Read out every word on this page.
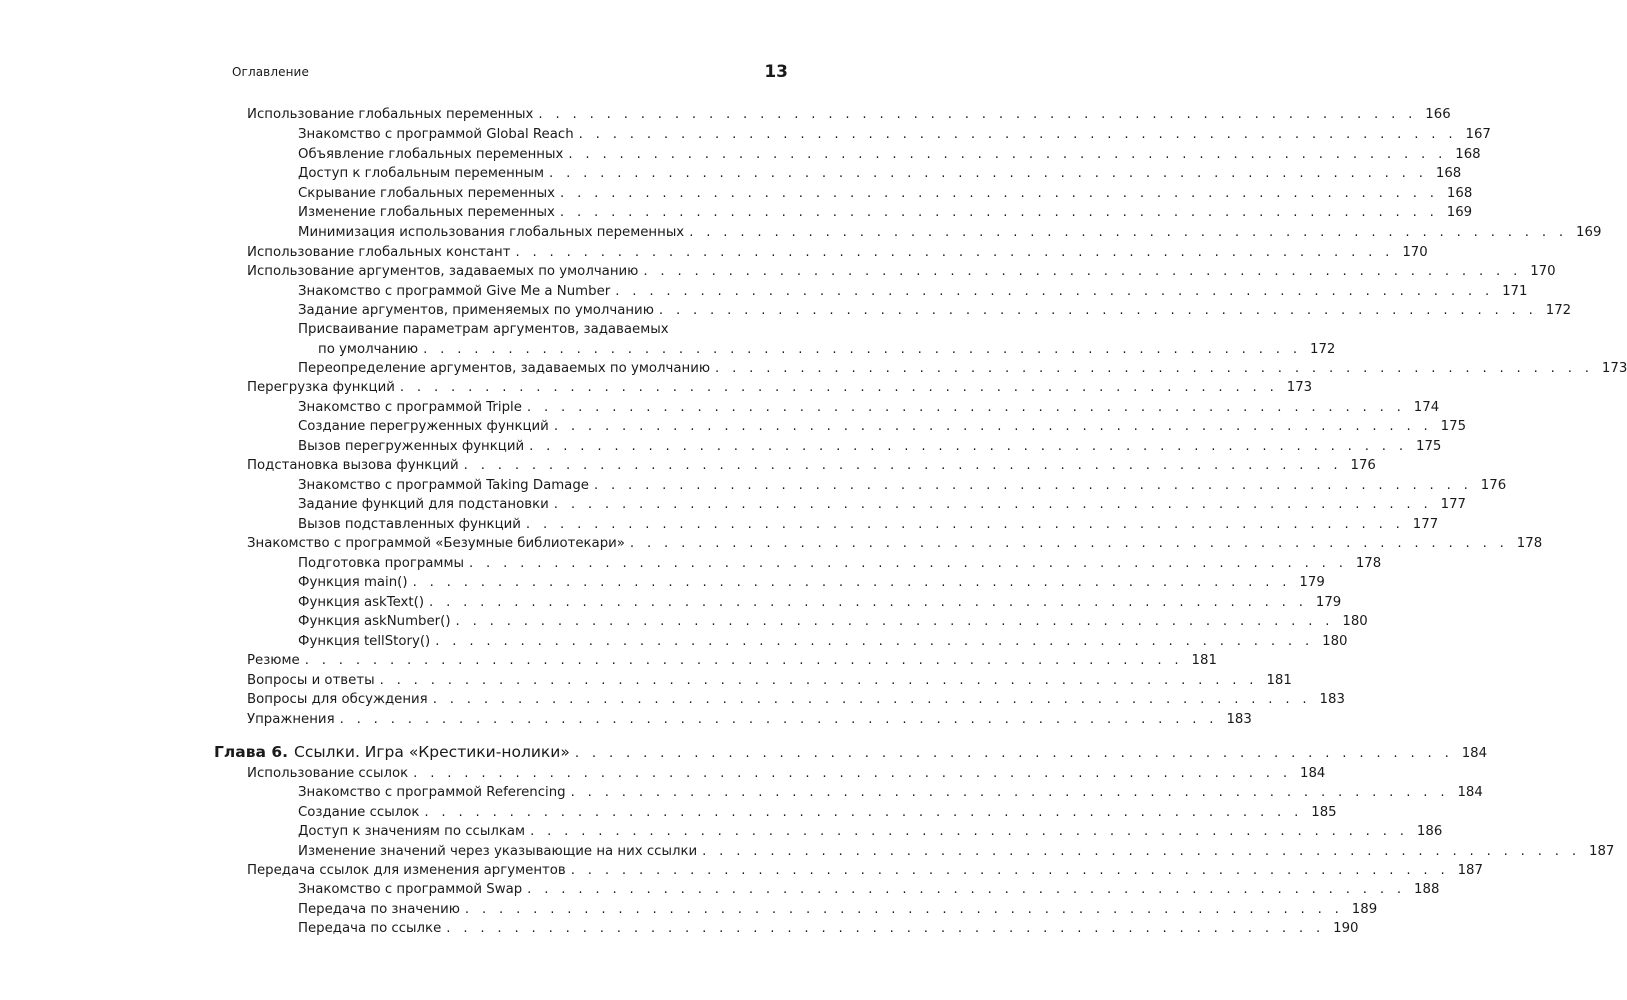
Оглавление	13
Использование глобальных переменных . . . . . . . . . . . . . . . . . . . . . . . . . . . . . . . . . . . . . . . . . . . . . . . . . . . . 166
Знакомство с программой Global Reach . . . . . . . . . . . . . . . . . . . . . . . . . . . . . . . . . . . . . . . . . . . . . . . . . . . . 167
Объявление глобальных переменных . . . . . . . . . . . . . . . . . . . . . . . . . . . . . . . . . . . . . . . . . . . . . . . . . . . . 168
Доступ к глобальным переменным . . . . . . . . . . . . . . . . . . . . . . . . . . . . . . . . . . . . . . . . . . . . . . . . . . . . 168
Скрывание глобальных переменных . . . . . . . . . . . . . . . . . . . . . . . . . . . . . . . . . . . . . . . . . . . . . . . . . . . . 168
Изменение глобальных переменных . . . . . . . . . . . . . . . . . . . . . . . . . . . . . . . . . . . . . . . . . . . . . . . . . . . . 169
Минимизация использования глобальных переменных . . . . . . . . . . . . . . . . . . . . . . . . . . . . . . . . . . . . . . . . . . . . . . . . . . . . 169
Использование глобальных констант . . . . . . . . . . . . . . . . . . . . . . . . . . . . . . . . . . . . . . . . . . . . . . . . . . . . 170
Использование аргументов, задаваемых по умолчанию . . . . . . . . . . . . . . . . . . . . . . . . . . . . . . . . . . . . . . . . . . . . . . . . . . . . 170
Знакомство с программой Give Me a Number . . . . . . . . . . . . . . . . . . . . . . . . . . . . . . . . . . . . . . . . . . . . . . . . . . . . 171
Задание аргументов, применяемых по умолчанию . . . . . . . . . . . . . . . . . . . . . . . . . . . . . . . . . . . . . . . . . . . . . . . . . . . . 172
Присваивание параметрам аргументов, задаваемых
по умолчанию . . . . . . . . . . . . . . . . . . . . . . . . . . . . . . . . . . . . . . . . . . . . . . . . . . . . 172
Переопределение аргументов, задаваемых по умолчанию . . . . . . . . . . . . . . . . . . . . . . . . . . . . . . . . . . . . . . . . . . . . . . . . . . . . 173
Перегрузка функций . . . . . . . . . . . . . . . . . . . . . . . . . . . . . . . . . . . . . . . . . . . . . . . . . . . . 173
Знакомство с программой Triple . . . . . . . . . . . . . . . . . . . . . . . . . . . . . . . . . . . . . . . . . . . . . . . . . . . . 174
Создание перегруженных функций . . . . . . . . . . . . . . . . . . . . . . . . . . . . . . . . . . . . . . . . . . . . . . . . . . . . 175
Вызов перегруженных функций . . . . . . . . . . . . . . . . . . . . . . . . . . . . . . . . . . . . . . . . . . . . . . . . . . . . 175
Подстановка вызова функций . . . . . . . . . . . . . . . . . . . . . . . . . . . . . . . . . . . . . . . . . . . . . . . . . . . . 176
Знакомство с программой Taking Damage . . . . . . . . . . . . . . . . . . . . . . . . . . . . . . . . . . . . . . . . . . . . . . . . . . . . 176
Задание функций для подстановки . . . . . . . . . . . . . . . . . . . . . . . . . . . . . . . . . . . . . . . . . . . . . . . . . . . . 177
Вызов подставленных функций . . . . . . . . . . . . . . . . . . . . . . . . . . . . . . . . . . . . . . . . . . . . . . . . . . . . 177
Знакомство с программой «Безумные библиотекари» . . . . . . . . . . . . . . . . . . . . . . . . . . . . . . . . . . . . . . . . . . . . . . . . . . . . 178
Подготовка программы . . . . . . . . . . . . . . . . . . . . . . . . . . . . . . . . . . . . . . . . . . . . . . . . . . . . 178
Функция main() . . . . . . . . . . . . . . . . . . . . . . . . . . . . . . . . . . . . . . . . . . . . . . . . . . . . 179
Функция askText() . . . . . . . . . . . . . . . . . . . . . . . . . . . . . . . . . . . . . . . . . . . . . . . . . . . . 179
Функция askNumber() . . . . . . . . . . . . . . . . . . . . . . . . . . . . . . . . . . . . . . . . . . . . . . . . . . . . 180
Функция tellStory() . . . . . . . . . . . . . . . . . . . . . . . . . . . . . . . . . . . . . . . . . . . . . . . . . . . . 180
Резюме . . . . . . . . . . . . . . . . . . . . . . . . . . . . . . . . . . . . . . . . . . . . . . . . . . . . 181
Вопросы и ответы . . . . . . . . . . . . . . . . . . . . . . . . . . . . . . . . . . . . . . . . . . . . . . . . . . . . 181
Вопросы для обсуждения . . . . . . . . . . . . . . . . . . . . . . . . . . . . . . . . . . . . . . . . . . . . . . . . . . . . 183
Упражнения . . . . . . . . . . . . . . . . . . . . . . . . . . . . . . . . . . . . . . . . . . . . . . . . . . . . 183
Глава 6. Ссылки. Игра «Крестики-нолики» . . . . . . . . . . . . . . . . . . . . . . . . . . . . . . . . . . . . . . . . . . . . . . . . . . . . 184
Использование ссылок . . . . . . . . . . . . . . . . . . . . . . . . . . . . . . . . . . . . . . . . . . . . . . . . . . . . 184
Знакомство с программой Referencing . . . . . . . . . . . . . . . . . . . . . . . . . . . . . . . . . . . . . . . . . . . . . . . . . . . . 184
Создание ссылок . . . . . . . . . . . . . . . . . . . . . . . . . . . . . . . . . . . . . . . . . . . . . . . . . . . . 185
Доступ к значениям по ссылкам . . . . . . . . . . . . . . . . . . . . . . . . . . . . . . . . . . . . . . . . . . . . . . . . . . . . 186
Изменение значений через указывающие на них ссылки . . . . . . . . . . . . . . . . . . . . . . . . . . . . . . . . . . . . . . . . . . . . . . . . . . . . 187
Передача ссылок для изменения аргументов . . . . . . . . . . . . . . . . . . . . . . . . . . . . . . . . . . . . . . . . . . . . . . . . . . . . 187
Знакомство с программой Swap . . . . . . . . . . . . . . . . . . . . . . . . . . . . . . . . . . . . . . . . . . . . . . . . . . . . 188
Передача по значению . . . . . . . . . . . . . . . . . . . . . . . . . . . . . . . . . . . . . . . . . . . . . . . . . . . . 189
Передача по ссылке . . . . . . . . . . . . . . . . . . . . . . . . . . . . . . . . . . . . . . . . . . . . . . . . . . . . 190
